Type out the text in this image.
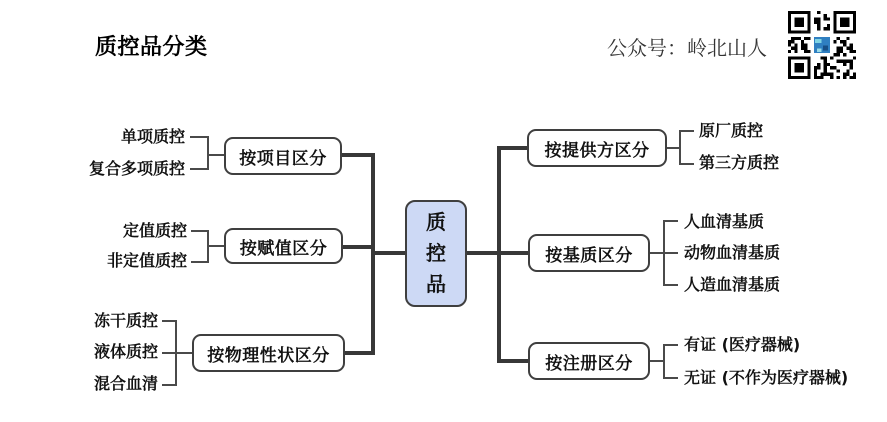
质控品分类	公众号：岭北山人
质
控
品
按项目区分
按赋值区分
按物理性状区分
按提供方区分
按基质区分
按注册区分
单项质控
复合多项质控
定值质控
非定值质控
冻干质控
液体质控
混合血清
原厂质控
第三方质控
人血清基质
动物血清基质
人造血清基质
有证 (医疗器械)
无证 (不作为医疗器械)
